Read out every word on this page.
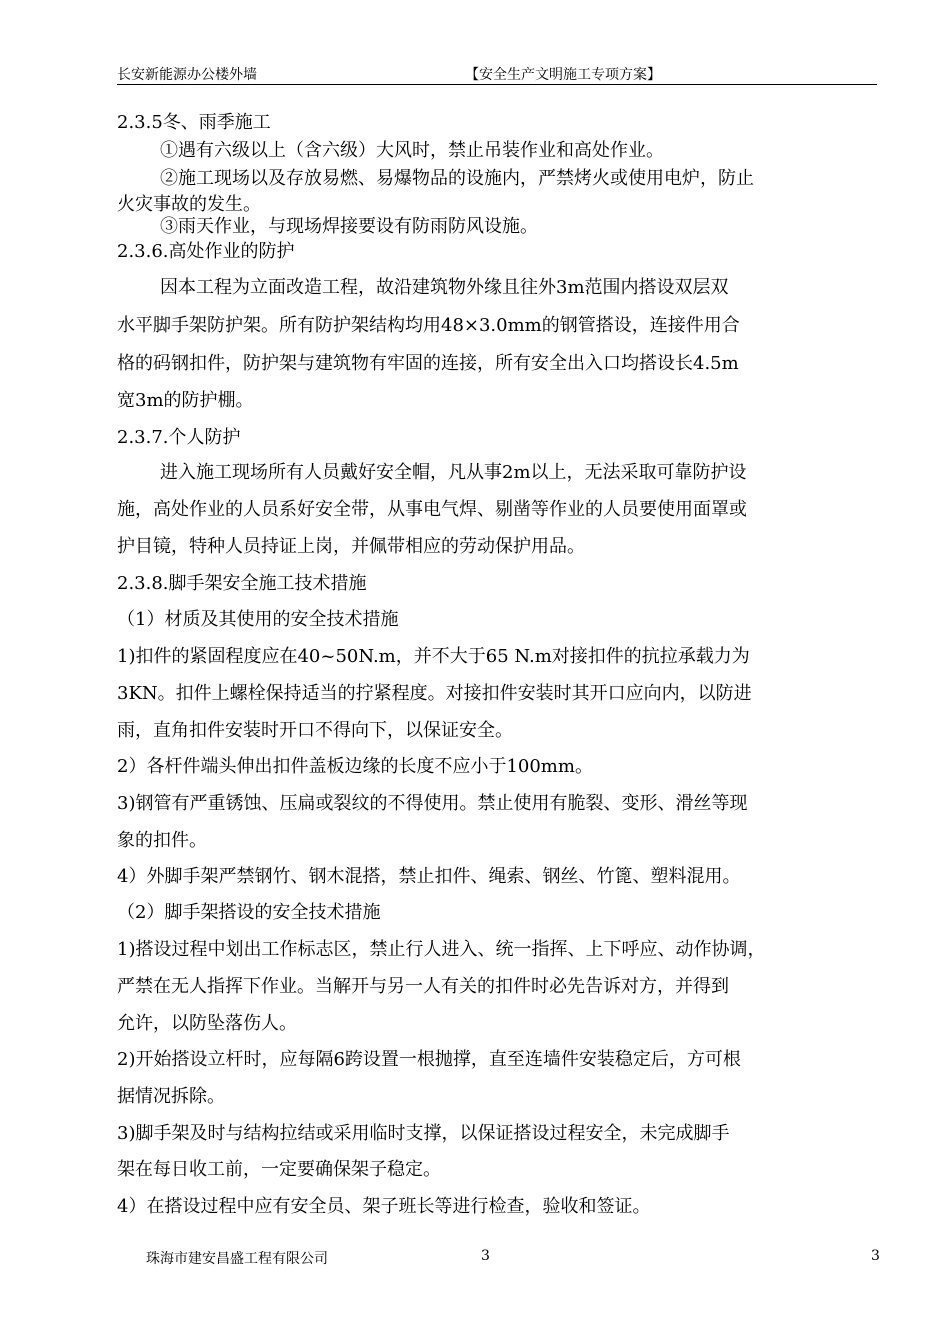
长安新能源办公楼外墙	【安全生产文明施工专项方案】
2.3.5冬、雨季施工
①遇有六级以上（含六级）大风时，禁止吊装作业和高处作业。
②施工现场以及存放易燃、易爆物品的设施内，严禁烤火或使用电炉，防止
火灾事故的发生。
③雨天作业，与现场焊接要设有防雨防风设施。
2.3.6.高处作业的防护
因本工程为立面改造工程，故沿建筑物外缘且往外3m范围内搭设双层双
水平脚手架防护架。所有防护架结构均用48×3.0mm的钢管搭设，连接件用合
格的码钢扣件，防护架与建筑物有牢固的连接，所有安全出入口均搭设长4.5m
宽3m的防护棚。
2.3.7.个人防护
进入施工现场所有人员戴好安全帽，凡从事2m以上，无法采取可靠防护设
施，高处作业的人员系好安全带，从事电气焊、剔凿等作业的人员要使用面罩或
护目镜，特种人员持证上岗，并佩带相应的劳动保护用品。
2.3.8.脚手架安全施工技术措施
（1）材质及其使用的安全技术措施
1)扣件的紧固程度应在40~50N.m，并不大于65 N.m对接扣件的抗拉承载力为
3KN。扣件上螺栓保持适当的拧紧程度。对接扣件安装时其开口应向内，以防进
雨，直角扣件安装时开口不得向下，以保证安全。
2）各杆件端头伸出扣件盖板边缘的长度不应小于100mm。
3)钢管有严重锈蚀、压扁或裂纹的不得使用。禁止使用有脆裂、变形、滑丝等现
象的扣件。
4）外脚手架严禁钢竹、钢木混搭，禁止扣件、绳索、钢丝、竹篦、塑料混用。
（2）脚手架搭设的安全技术措施
1)搭设过程中划出工作标志区，禁止行人进入、统一指挥、上下呼应、动作协调，
严禁在无人指挥下作业。当解开与另一人有关的扣件时必先告诉对方，并得到
允许，以防坠落伤人。
2)开始搭设立杆时，应每隔6跨设置一根抛撑，直至连墙件安装稳定后，方可根
据情况拆除。
3)脚手架及时与结构拉结或采用临时支撑，以保证搭设过程安全，未完成脚手
架在每日收工前，一定要确保架子稳定。
4）在搭设过程中应有安全员、架子班长等进行检查，验收和签证。
珠海市建安昌盛工程有限公司	3	3
